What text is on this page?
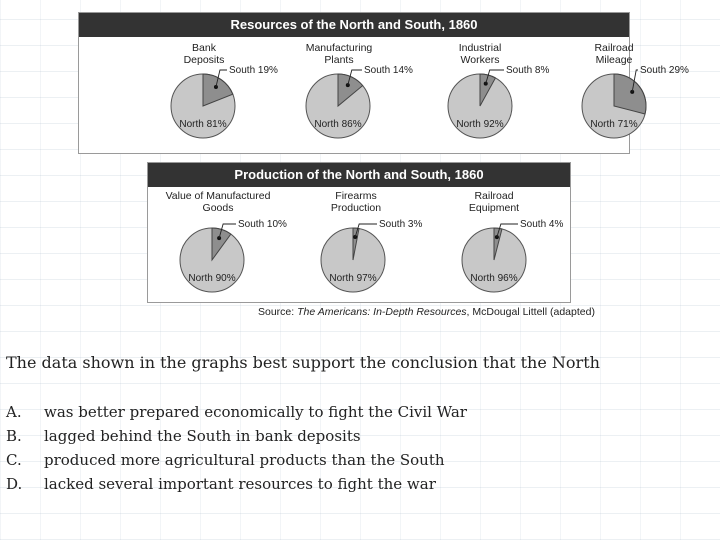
Resources of the North and South, 1860
Bank
Deposits
South 19%
North 81%
Manufacturing
Plants
South 14%
North 86%
Industrial
Workers
South 8%
North 92%
Railroad
Mileage
South 29%
North 71%
Production of the North and South, 1860
Value of Manufactured
Goods
South 10%
North 90%
Firearms
Production
South 3%
North 97%
Railroad
Equipment
South 4%
North 96%
Source: The Americans: In-Depth Resources, McDougal Littell (adapted)
The data shown in the graphs best support the conclusion that the North
A.	was better prepared economically to fight the Civil War
B.	lagged behind the South in bank deposits
C.	produced more agricultural products than the South
D.	lacked several important resources to fight the war
